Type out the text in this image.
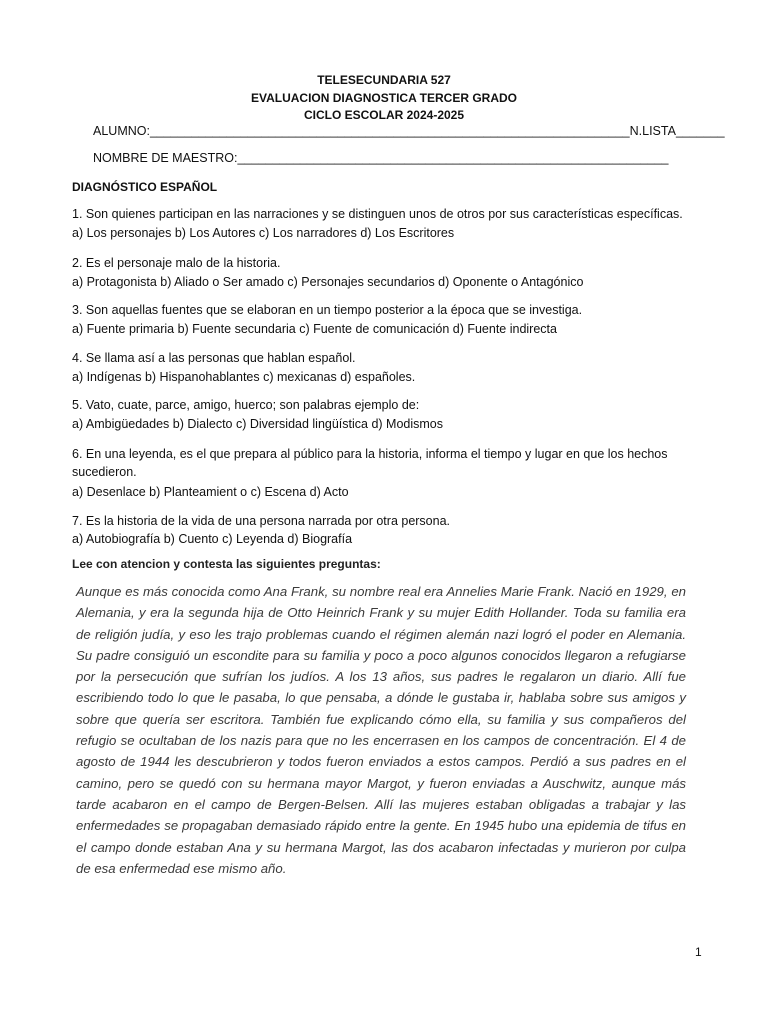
TELESECUNDARIA 527
EVALUACION DIAGNOSTICA TERCER GRADO
CICLO ESCOLAR 2024-2025
ALUMNO:_____________________________________________________________________N.LISTA_______
NOMBRE DE MAESTRO:______________________________________________________________
DIAGNÓSTICO ESPAÑOL
1. Son quienes participan en las narraciones y se distinguen unos de otros por sus características específicas.
a) Los personajes b) Los Autores c) Los narradores d) Los Escritores
2. Es el personaje malo de la historia.
a) Protagonista b) Aliado o Ser amado c) Personajes secundarios d) Oponente o Antagónico
3. Son aquellas fuentes que se elaboran en un tiempo posterior a la época que se investiga.
a) Fuente primaria b) Fuente secundaria c) Fuente de comunicación d) Fuente indirecta
4. Se llama así a las personas que hablan español.
a) Indígenas b) Hispanohablantes c) mexicanas d) españoles.
5. Vato, cuate, parce, amigo, huerco; son palabras ejemplo de:
a) Ambigüedades b) Dialecto c) Diversidad lingüística d) Modismos
6. En una leyenda, es el que prepara al público para la historia, informa el tiempo y lugar en que los hechos
sucedieron.
a) Desenlace b) Planteamient o c) Escena d) Acto
7. Es la historia de la vida de una persona narrada por otra persona.
a) Autobiografía b) Cuento c) Leyenda d) Biografía
Lee con atencion y contesta las siguientes preguntas:
Aunque es más conocida como Ana Frank, su nombre real era Annelies Marie Frank. Nació en 1929, en Alemania, y era la segunda hija de Otto Heinrich Frank y su mujer Edith Hollander. Toda su familia era de religión judía, y eso les trajo problemas cuando el régimen alemán nazi logró el poder en Alemania. Su padre consiguió un escondite para su familia y poco a poco algunos conocidos llegaron a refugiarse por la persecución que sufrían los judíos. A los 13 años, sus padres le regalaron un diario. Allí fue escribiendo todo lo que le pasaba, lo que pensaba, a dónde le gustaba ir, hablaba sobre sus amigos y sobre que quería ser escritora. También fue explicando cómo ella, su familia y sus compañeros del refugio se ocultaban de los nazis para que no les encerrasen en los campos de concentración. El 4 de agosto de 1944 les descubrieron y todos fueron enviados a estos campos. Perdió a sus padres en el camino, pero se quedó con su hermana mayor Margot, y fueron enviadas a Auschwitz, aunque más tarde acabaron en el campo de Bergen-Belsen. Allí las mujeres estaban obligadas a trabajar y las enfermedades se propagaban demasiado rápido entre la gente. En 1945 hubo una epidemia de tifus en el campo donde estaban Ana y su hermana Margot, las dos acabaron infectadas y murieron por culpa de esa enfermedad ese mismo año.
1
